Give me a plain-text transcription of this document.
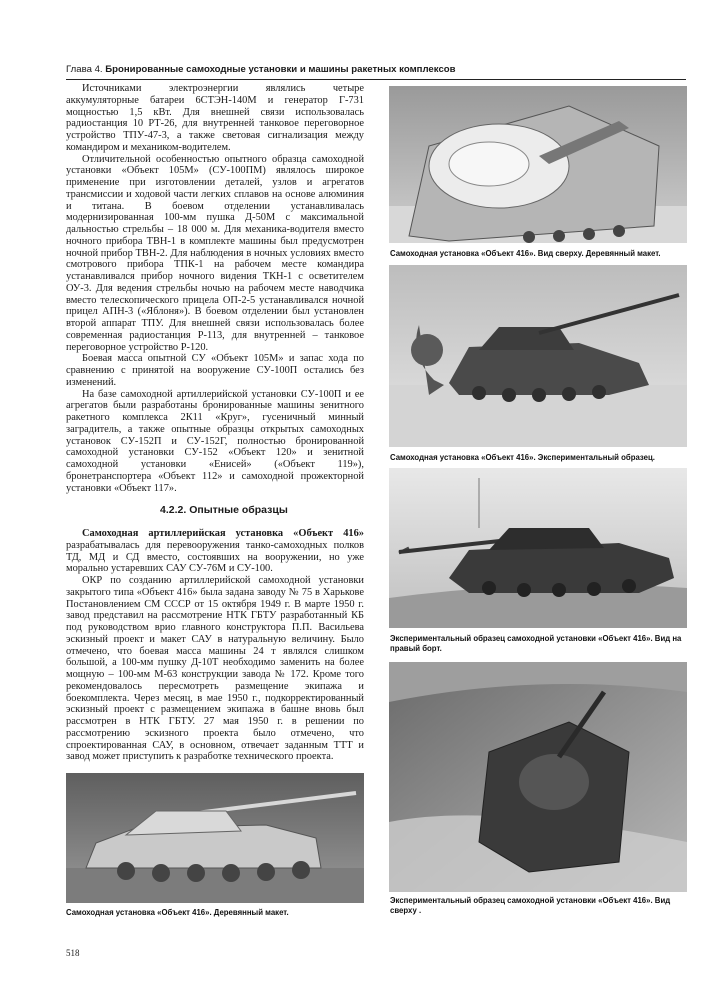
Глава 4. Бронированные самоходные установки и машины ракетных комплексов

Источниками электроэнергии являлись четыре аккумуляторные батареи 6СТЭН-140М и генератор Г-731 мощностью 1,5 кВт. Для внешней связи использовалась радиостанция 10 РТ-26, для внутренней танковое переговорное устройство ТПУ-47-3, а также световая сигнализация между командиром и механиком-водителем.

Отличительной особенностью опытного образца самоходной установки «Объект 105М» (СУ-100ПМ) являлось широкое применение при изготовлении деталей, узлов и агрегатов трансмиссии и ходовой части легких сплавов на основе алюминия и титана. В боевом отделении устанавливалась модернизированная 100-мм пушка Д-50М с максимальной дальностью стрельбы – 18 000 м. Для механика-водителя вместо ночного прибора ТВН-1 в комплекте машины был предусмотрен ночной прибор ТВН-2. Для наблюдения в ночных условиях вместо смотрового прибора ТПК-1 на рабочем месте командира устанавливался прибор ночного видения ТКН-1 с осветителем ОУ-3. Для ведения стрельбы ночью на рабочем месте наводчика вместо телескопического прицела ОП-2-5 устанавливался ночной прицел АПН-3 («Яблоня»). В боевом отделении был установлен второй аппарат ТПУ. Для внешней связи использовалась более современная радиостанция Р-113, для внутренней – танковое переговорное устройство Р-120.

Боевая масса опытной СУ «Объект 105М» и запас хода по сравнению с принятой на вооружение СУ-100П остались без изменений.

На базе самоходной артиллерийской установки СУ-100П и ее агрегатов были разработаны бронированные машины зенитного ракетного комплекса 2К11 «Круг», гусеничный минный заградитель, а также опытные образцы открытых самоходных установок СУ-152П и СУ-152Г, полностью бронированной самоходной установки СУ-152 «Объект 120» и зенитной самоходной установки «Енисей» («Объект 119»), бронетранспортера «Объект 112» и самоходной прожекторной установки «Объект 117».

4.2.2. Опытные образцы

Самоходная артиллерийская установка «Объект 416» разрабатывалась для перевооружения танко-самоходных полков ТД, МД и СД вместо, состоявших на вооружении, но уже морально устаревших САУ СУ-76М и СУ-100.

ОКР по созданию артиллерийской самоходной установки закрытого типа «Объект 416» была задана заводу № 75 в Харькове Постановлением СМ СССР от 15 октября 1949 г. В марте 1950 г. завод представил на рассмотрение НТК ГБТУ разработанный КБ под руководством врио главного конструктора П.П. Васильева эскизный проект и макет САУ в натуральную величину. Было отмечено, что боевая масса машины 24 т являлся слишком большой, а 100-мм пушку Д-10Т необходимо заменить на более мощную – 100-мм М-63 конструкции завода № 172. Кроме того рекомендовалось пересмотреть размещение экипажа и боекомплекта. Через месяц, в мае 1950 г., подкорректированный эскизный проект с размещением экипажа в башне вновь был рассмотрен в НТК ГБТУ. 27 мая 1950 г. в решении по рассмотрению эскизного проекта было отмечено, что спроектированная САУ, в основном, отвечает заданным ТТТ и завод может приступить к разработке технического проекта.

Самоходная установка «Объект 416». Вид сверху. Деревянный макет.
Самоходная установка «Объект 416». Экспериментальный образец.
Экспериментальный образец самоходной установки «Объект 416». Вид на правый борт.
Экспериментальный образец самоходной установки «Объект 416». Вид сверху .
Самоходная установка «Объект 416». Деревянный макет.
518
